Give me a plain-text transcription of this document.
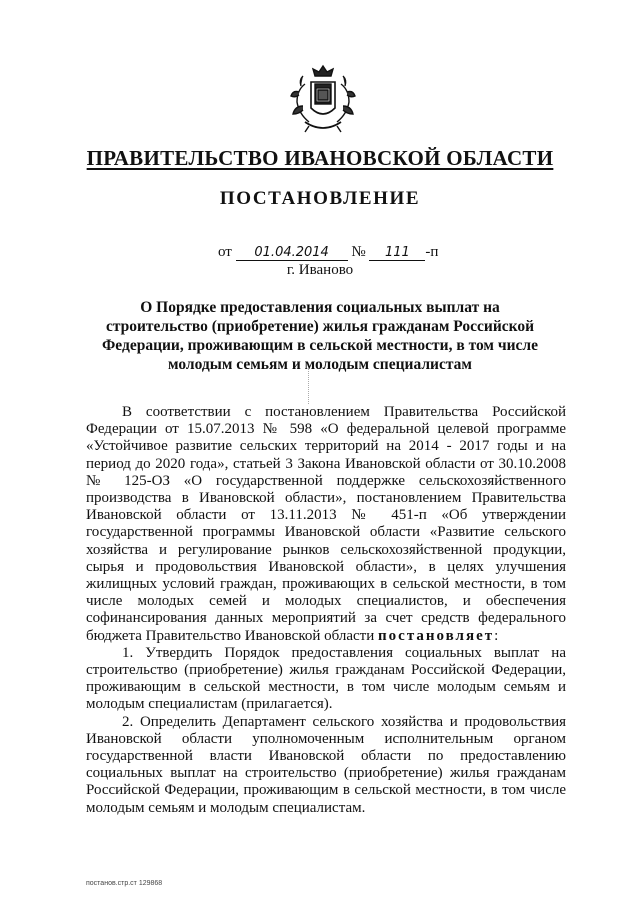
ПРАВИТЕЛЬСТВО ИВАНОВСКОЙ ОБЛАСТИ
ПОСТАНОВЛЕНИЕ
от 01.04.2014 № 111 -п
г. Иваново
О Порядке предоставления социальных выплат на строительство (приобретение) жилья гражданам Российской Федерации, проживающим в сельской местности, в том числе молодым семьям и молодым специалистам

В соответствии с постановлением Правительства Российской Федерации от 15.07.2013 № 598 «О федеральной целевой программе «Устойчивое развитие сельских территорий на 2014 - 2017 годы и на период до 2020 года», статьей 3 Закона Ивановской области от 30.10.2008 № 125-ОЗ «О государственной поддержке сельскохозяйственного производства в Ивановской области», постановлением Правительства Ивановской области от 13.11.2013 № 451-п «Об утверждении государственной программы Ивановской области «Развитие сельского хозяйства и регулирование рынков сельскохозяйственной продукции, сырья и продовольствия Ивановской области», в целях улучшения жилищных условий граждан, проживающих в сельской местности, в том числе молодых семей и молодых специалистов, и обеспечения софинансирования данных мероприятий за счет средств федерального бюджета Правительство Ивановской области постановляет:

1. Утвердить Порядок предоставления социальных выплат на строительство (приобретение) жилья гражданам Российской Федерации, проживающим в сельской местности, в том числе молодым семьям и молодым специалистам (прилагается).

2. Определить Департамент сельского хозяйства и продовольствия Ивановской области уполномоченным исполнительным органом государственной власти Ивановской области по предоставлению социальных выплат на строительство (приобретение) жилья гражданам Российской Федерации, проживающим в сельской местности, в том числе молодым семьям и молодым специалистам.

постанов.стр.ст 129868
